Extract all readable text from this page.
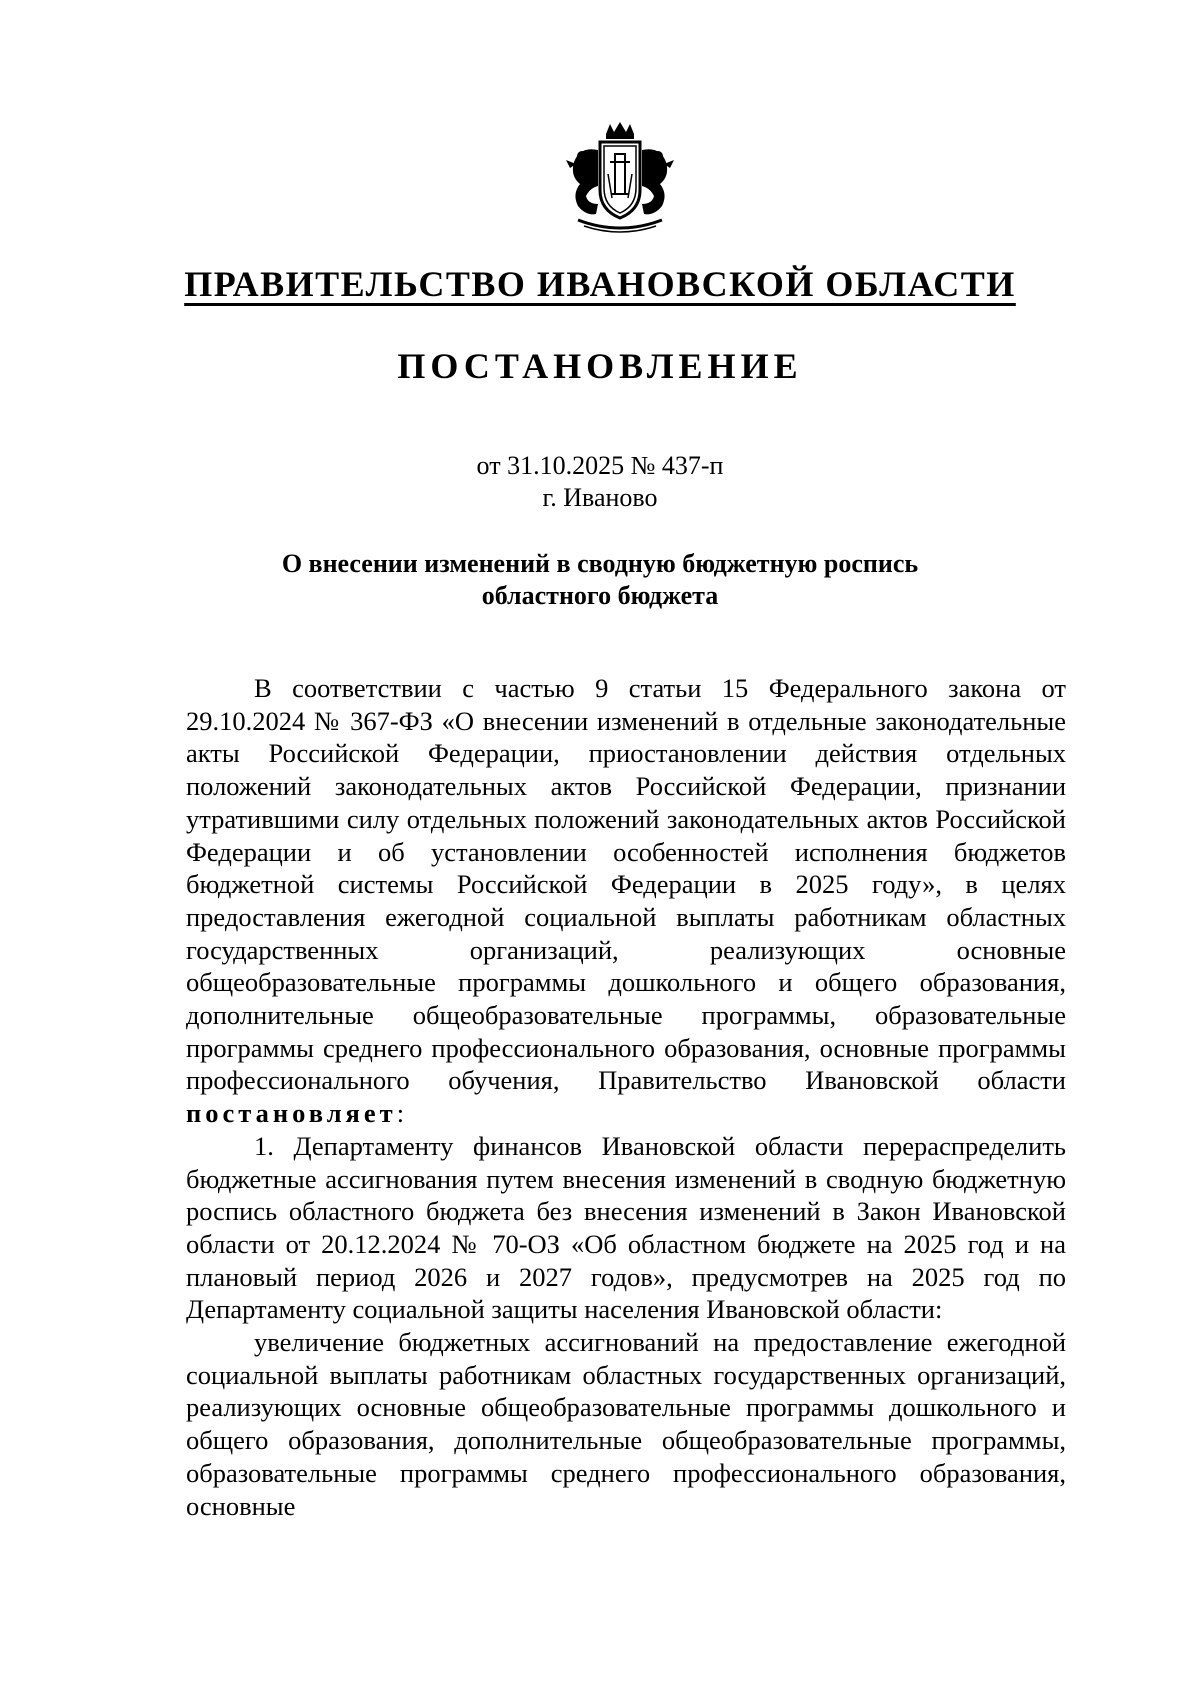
ПРАВИТЕЛЬСТВО ИВАНОВСКОЙ ОБЛАСТИ
ПОСТАНОВЛЕНИЕ
от 31.10.2025 № 437-п
г. Иваново
О внесении изменений в сводную бюджетную роспись
областного бюджета

В соответствии с частью 9 статьи 15 Федерального закона от 29.10.2024 № 367-ФЗ «О внесении изменений в отдельные законодательные акты Российской Федерации, приостановлении действия отдельных положений законодательных актов Российской Федерации, признании утратившими силу отдельных положений законодательных актов Российской Федерации и об установлении особенностей исполнения бюджетов бюджетной системы Российской Федерации в 2025 году», в целях предоставления ежегодной социальной выплаты работникам областных государственных организаций, реализующих основные общеобразовательные программы дошкольного и общего образования, дополнительные общеобразовательные программы, образовательные программы среднего профессионального образования, основные программы профессионального обучения, Правительство Ивановской области постановляет:

1. Департаменту финансов Ивановской области перераспределить бюджетные ассигнования путем внесения изменений в сводную бюджетную роспись областного бюджета без внесения изменений в Закон Ивановской области от 20.12.2024 № 70-ОЗ «Об областном бюджете на 2025 год и на плановый период 2026 и 2027 годов», предусмотрев на 2025 год по Департаменту социальной защиты населения Ивановской области:

увеличение бюджетных ассигнований на предоставление ежегодной социальной выплаты работникам областных государственных организаций, реализующих основные общеобразовательные программы дошкольного и общего образования, дополнительные общеобразовательные программы, образовательные программы среднего профессионального образования, основные
